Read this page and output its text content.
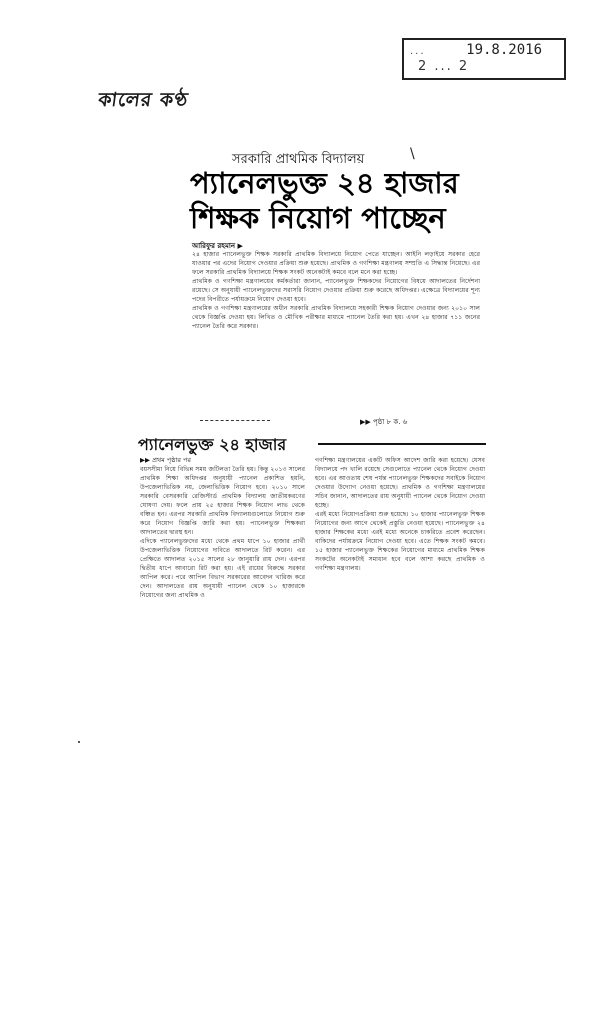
কালের কণ্ঠ
...	19.8.2016
2 ... 2
সরকারি প্রাথমিক বিদ্যালয়	\
প্যানেলভুক্ত ২৪ হাজার
শিক্ষক নিয়োগ পাচ্ছেন
আরিফুর রহমান ▶

২৪ হাজার প্যানেলভুক্ত শিক্ষক সরকারি প্রাথমিক বিদ্যালয়ে নিয়োগ পেতে যাচ্ছেন। আইনি লড়াইয়ে সরকার হেরে যাওয়ার পর এদের নিয়োগ দেওয়ার প্রক্রিয়া শুরু হয়েছে। প্রাথমিক ও গণশিক্ষা মন্ত্রণালয় সম্প্রতি এ সিদ্ধান্ত নিয়েছে। এর ফলে সরকারি প্রাথমিক বিদ্যালয়ে শিক্ষক সংকট অনেকটাই কমবে বলে মনে করা হচ্ছে।

প্রাথমিক ও গণশিক্ষা মন্ত্রণালয়ের কর্মকর্তারা জানান, প্যানেলভুক্ত শিক্ষকদের নিয়োগের বিষয়ে আদালতের নির্দেশনা রয়েছে। সে অনুযায়ী প্যানেলভুক্তদের সরাসরি নিয়োগ দেওয়ার প্রক্রিয়া শুরু করেছে অধিদপ্তর। এক্ষেত্রে বিদ্যালয়ের শূন্য পদের বিপরীতে পর্যায়ক্রমে নিয়োগ দেওয়া হবে।

প্রাথমিক ও গণশিক্ষা মন্ত্রণালয়ের অধীন সরকারি প্রাথমিক বিদ্যালয়ে সহকারী শিক্ষক নিয়োগ দেওয়ার জন্য ২০১০ সাল থেকে বিজ্ঞপ্তি দেওয়া হয়। লিখিত ও মৌখিক পরীক্ষার মাধ্যমে প্যানেল তৈরি করা হয়। এখন ২৪ হাজার ৭১১ জনের প্যানেল তৈরি করে সরকার।

▶▶ পৃষ্ঠা ৮ ক. ৬
প্যানেলভুক্ত ২৪ হাজার
▶▶ প্রথম পৃষ্ঠার পর

বয়সসীমা নিয়ে বিভিন্ন সময় জটিলতা তৈরি হয়। কিন্তু ২০১৩ সালের প্রাথমিক শিক্ষা অধিদপ্তর অনুযায়ী প্যানেল প্রকাশিত হয়নি, উপজেলাভিত্তিক নয়, জেলাভিত্তিক নিয়োগ হবে। ২০১০ সালে সরকারি বেসরকারি রেজিস্টার্ড প্রাথমিক বিদ্যালয় জাতীয়করণের ঘোষণা দেয়। ফলে প্রায় ২৫ হাজার শিক্ষক নিয়োগ লাভ থেকে বঞ্চিত হন। এরপর সরকারি প্রাথমিক বিদ্যালয়গুলোতে নিয়োগ শুরু করে নিয়োগ বিজ্ঞপ্তি জারি করা হয়। প্যানেলভুক্ত শিক্ষকরা আদালতের দ্বারস্থ হন।

এদিকে প্যানেলভুক্তদের মধ্যে থেকে প্রথম ধাপে ১০ হাজার প্রার্থী উপজেলাভিত্তিক নিয়োগের দাবিতে আদালতে রিট করেন। এর প্রেক্ষিতে আদালত ২০১৫ সালের ২৮ জানুয়ারি রায় দেন। এরপর দ্বিতীয় ধাপে আবারো রিট করা হয়। এই রায়ের বিরুদ্ধে সরকার আপিল করে। পরে আপিল বিভাগ সরকারের আবেদন খারিজ করে দেন। আদালতের রায় অনুযায়ী প্যানেল থেকে ১০ হাজারকে নিয়োগের জন্য প্রাথমিক ও

গণশিক্ষা মন্ত্রণালয়ের একটি অফিস আদেশ জারি করা হয়েছে। যেসব বিদ্যালয়ে পদ খালি রয়েছে সেগুলোতে প্যানেল থেকে নিয়োগ দেওয়া হবে। এর আওতায় শেষ পর্যন্ত প্যানেলভুক্ত শিক্ষকদের সবাইকে নিয়োগ দেওয়ার উদ্যোগ নেওয়া হয়েছে। প্রাথমিক ও গণশিক্ষা মন্ত্রণালয়ের সচিব জানান, আদালতের রায় অনুযায়ী প্যানেল থেকে নিয়োগ দেওয়া হচ্ছে।

এরই মধ্যে নিয়োগপ্রক্রিয়া শুরু হয়েছে। ১০ হাজার প্যানেলভুক্ত শিক্ষক নিয়োগের জন্য আগে থেকেই প্রস্তুতি নেওয়া হয়েছে। প্যানেলভুক্ত ২৪ হাজার শিক্ষকের মধ্যে এরই মধ্যে অনেকে চাকরিতে প্রবেশ করেছেন। বাকিদের পর্যায়ক্রমে নিয়োগ দেওয়া হবে। এতে শিক্ষক সংকট কমবে। ১৫ হাজার প্যানেলভুক্ত শিক্ষকের নিয়োগের মাধ্যমে প্রাথমিক শিক্ষক সংকটের অনেকটাই সমাধান হবে বলে আশা করছে প্রাথমিক ও গণশিক্ষা মন্ত্রণালয়।
